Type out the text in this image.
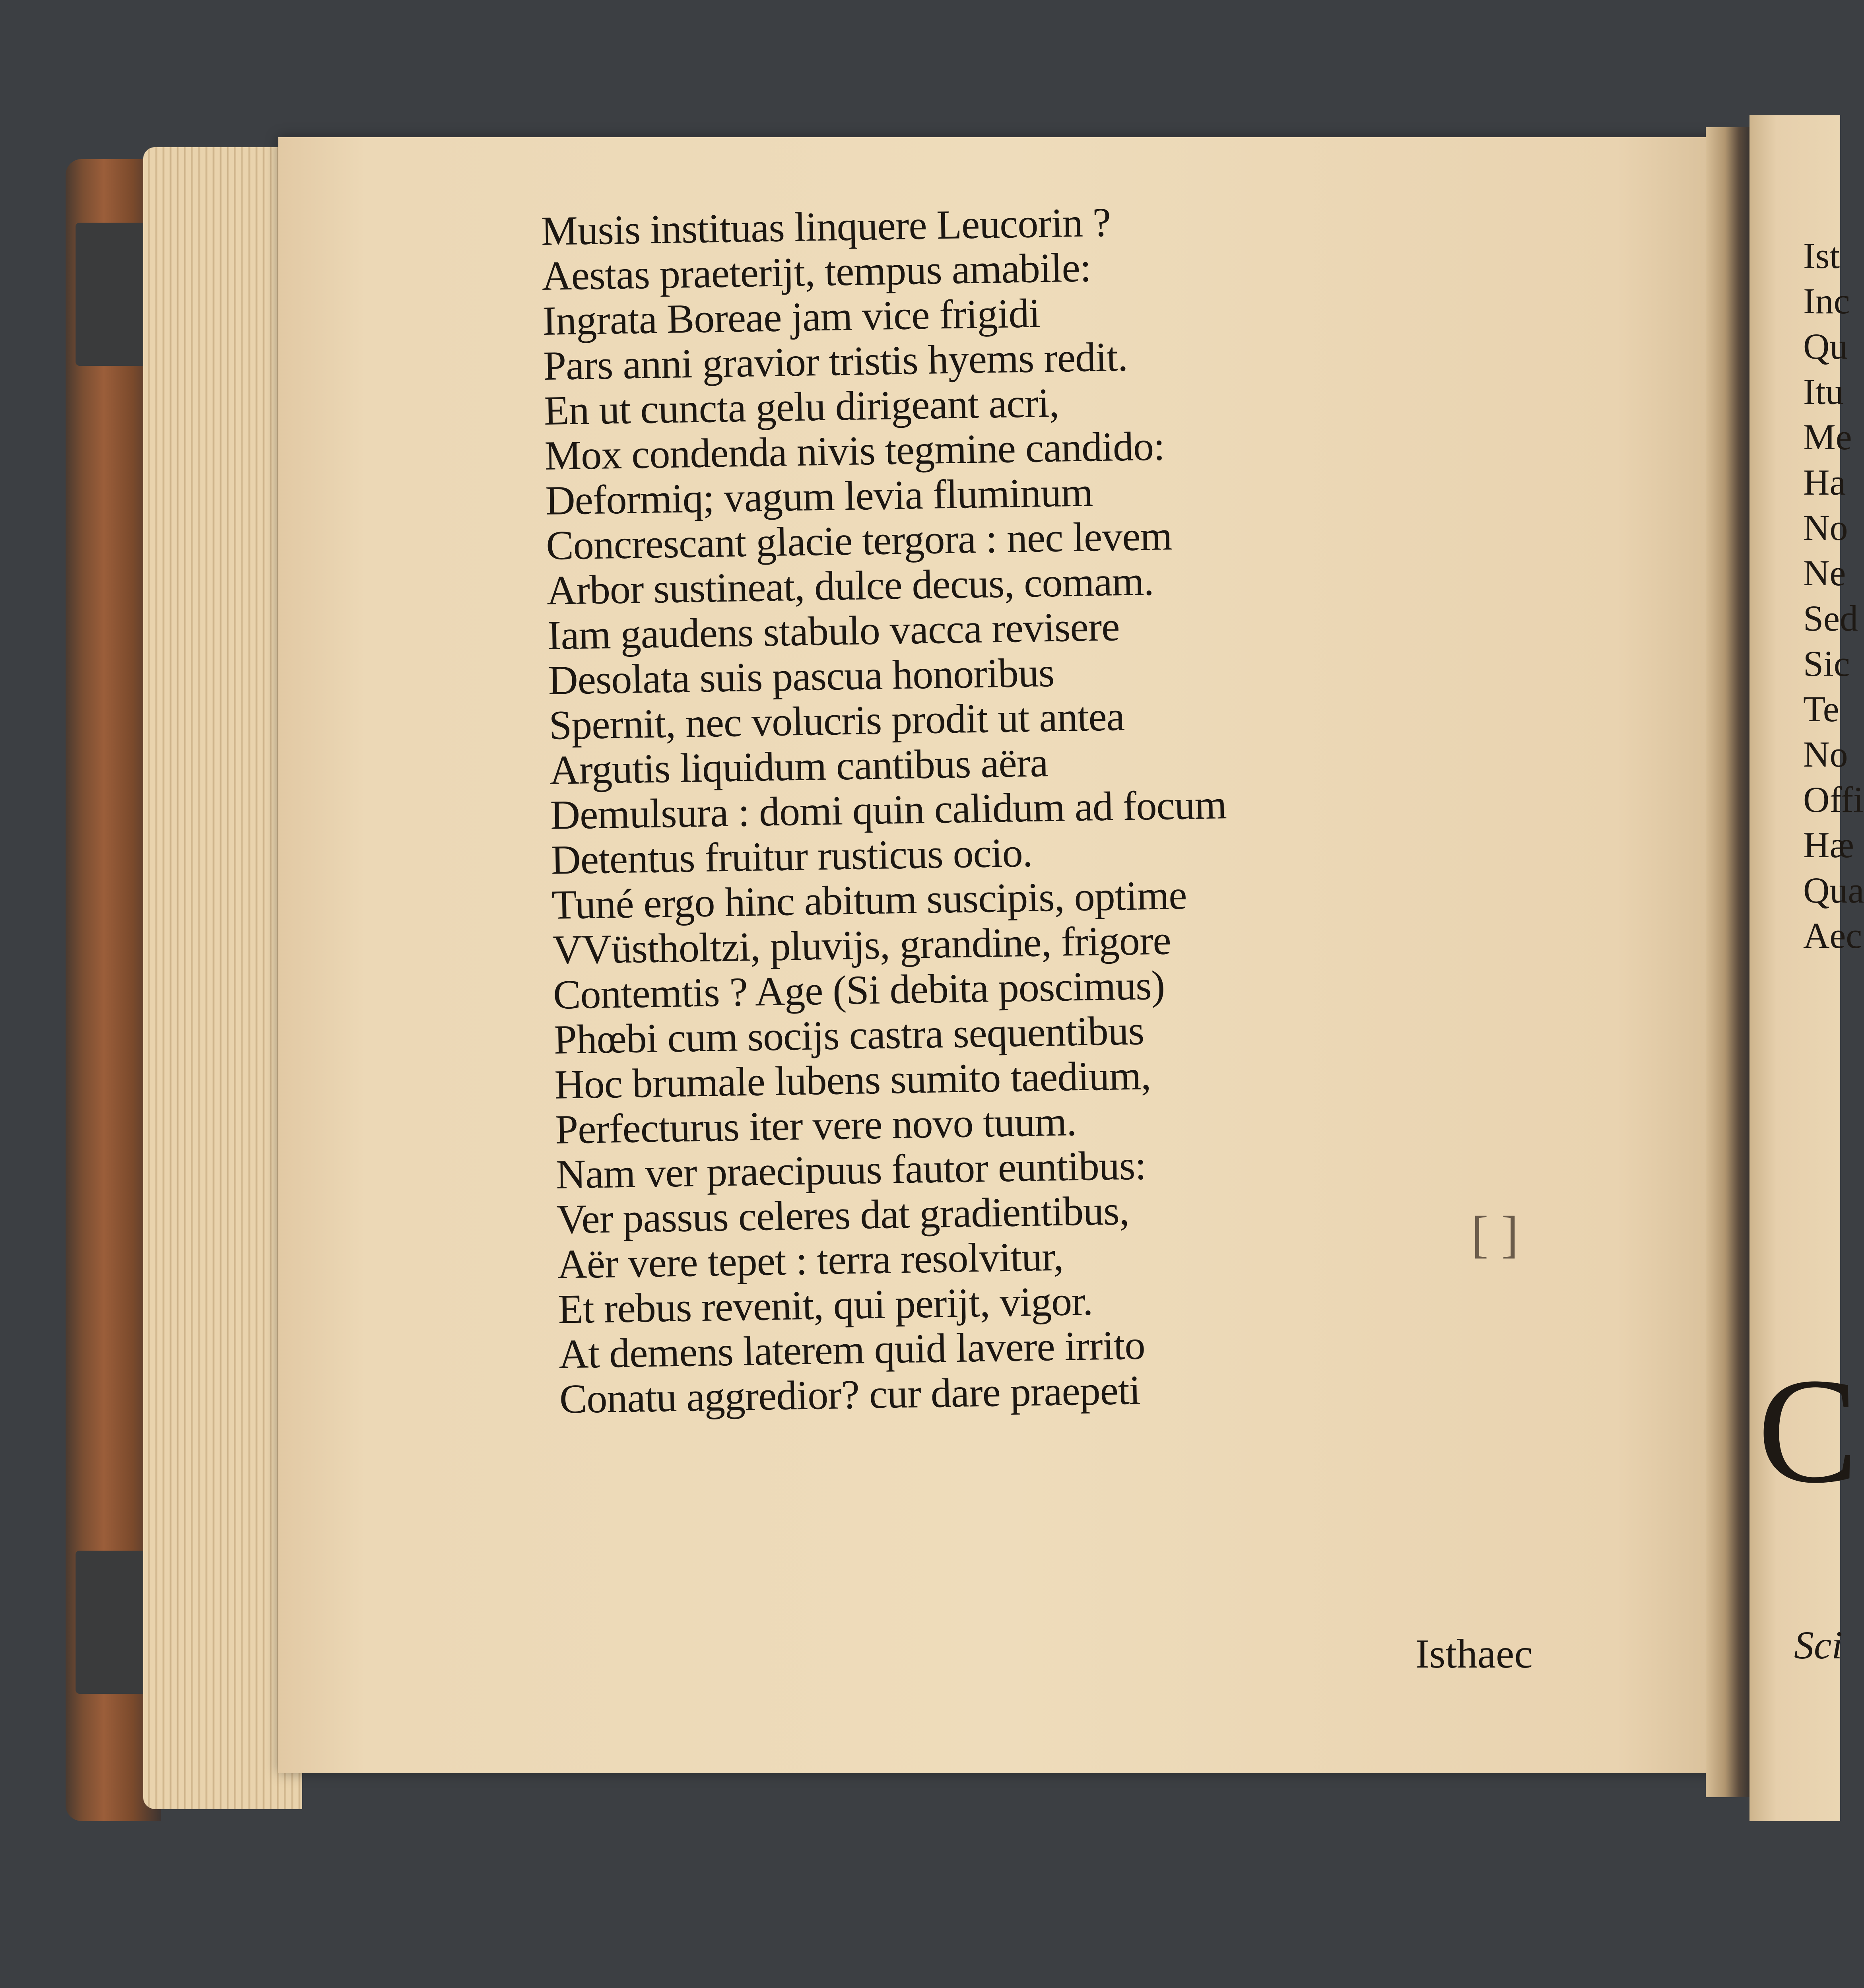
Musis instituas linquere Leucorin ?
Aestas praeterijt, tempus amabile:
Ingrata Boreae jam vice frigidi
Pars anni gravior tristis hyems redit.
En ut cuncta gelu dirigeant acri,
Mox condenda nivis tegmine candido:
Deformiq; vagum levia fluminum
Concrescant glacie tergora : nec levem
Arbor sustineat, dulce decus, comam.
Iam gaudens stabulo vacca revisere
Desolata suis pascua honoribus
Spernit, nec volucris prodit ut antea
Argutis liquidum cantibus aëra
Demulsura : domi quin calidum ad focum
Detentus fruitur rusticus ocio.
Tuné ergo hinc abitum suscipis, optime
VVüstholtzi, pluvijs, grandine, frigore
Contemtis ? Age (Si debita poscimus)
Phœbi cum socijs castra sequentibus
Hoc brumale lubens sumito taedium,
Perfecturus iter vere novo tuum.
Nam ver praecipuus fautor euntibus:
Ver passus celeres dat gradientibus,
Aër vere tepet : terra resolvitur,
Et rebus revenit, qui perijt, vigor.
At demens laterem quid lavere irrito
Conatu aggredior? cur dare praepeti
[ ]
Isthaec
Ist
Inc
Qu
Itu
Me
Ha
No
Ne
Sed
Sic
Te
No
Offi
Hæ
Qua
Aec
C
Sci
